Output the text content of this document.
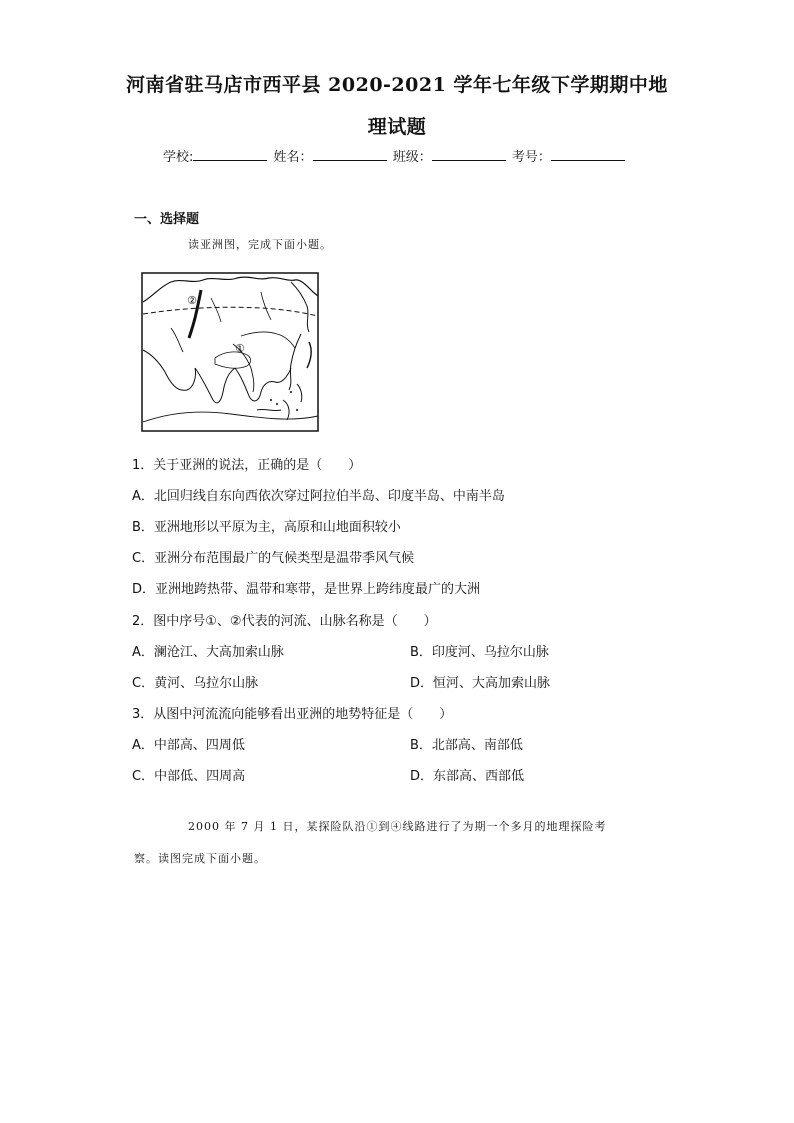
河南省驻马店市西平县 2020-2021 学年七年级下学期期中地
理试题
学校:	姓名：	班级：	考号：
一、选择题
读亚洲图，完成下面小题。
②
①
1．关于亚洲的说法，正确的是（　　）
A．北回归线自东向西依次穿过阿拉伯半岛、印度半岛、中南半岛
B．亚洲地形以平原为主，高原和山地面积较小
C．亚洲分布范围最广的气候类型是温带季风气候
D．亚洲地跨热带、温带和寒带，是世界上跨纬度最广的大洲
2．图中序号①、②代表的河流、山脉名称是（　　）
A．澜沧江、大高加索山脉	B．印度河、乌拉尔山脉
C．黄河、乌拉尔山脉	D．恒河、大高加索山脉
3．从图中河流流向能够看出亚洲的地势特征是（　　）
A．中部高、四周低	B．北部高、南部低
C．中部低、四周高	D．东部高、西部低
2000 年 7 月 1 日，某探险队沿①到④线路进行了为期一个多月的地理探险考
察。读图完成下面小题。
